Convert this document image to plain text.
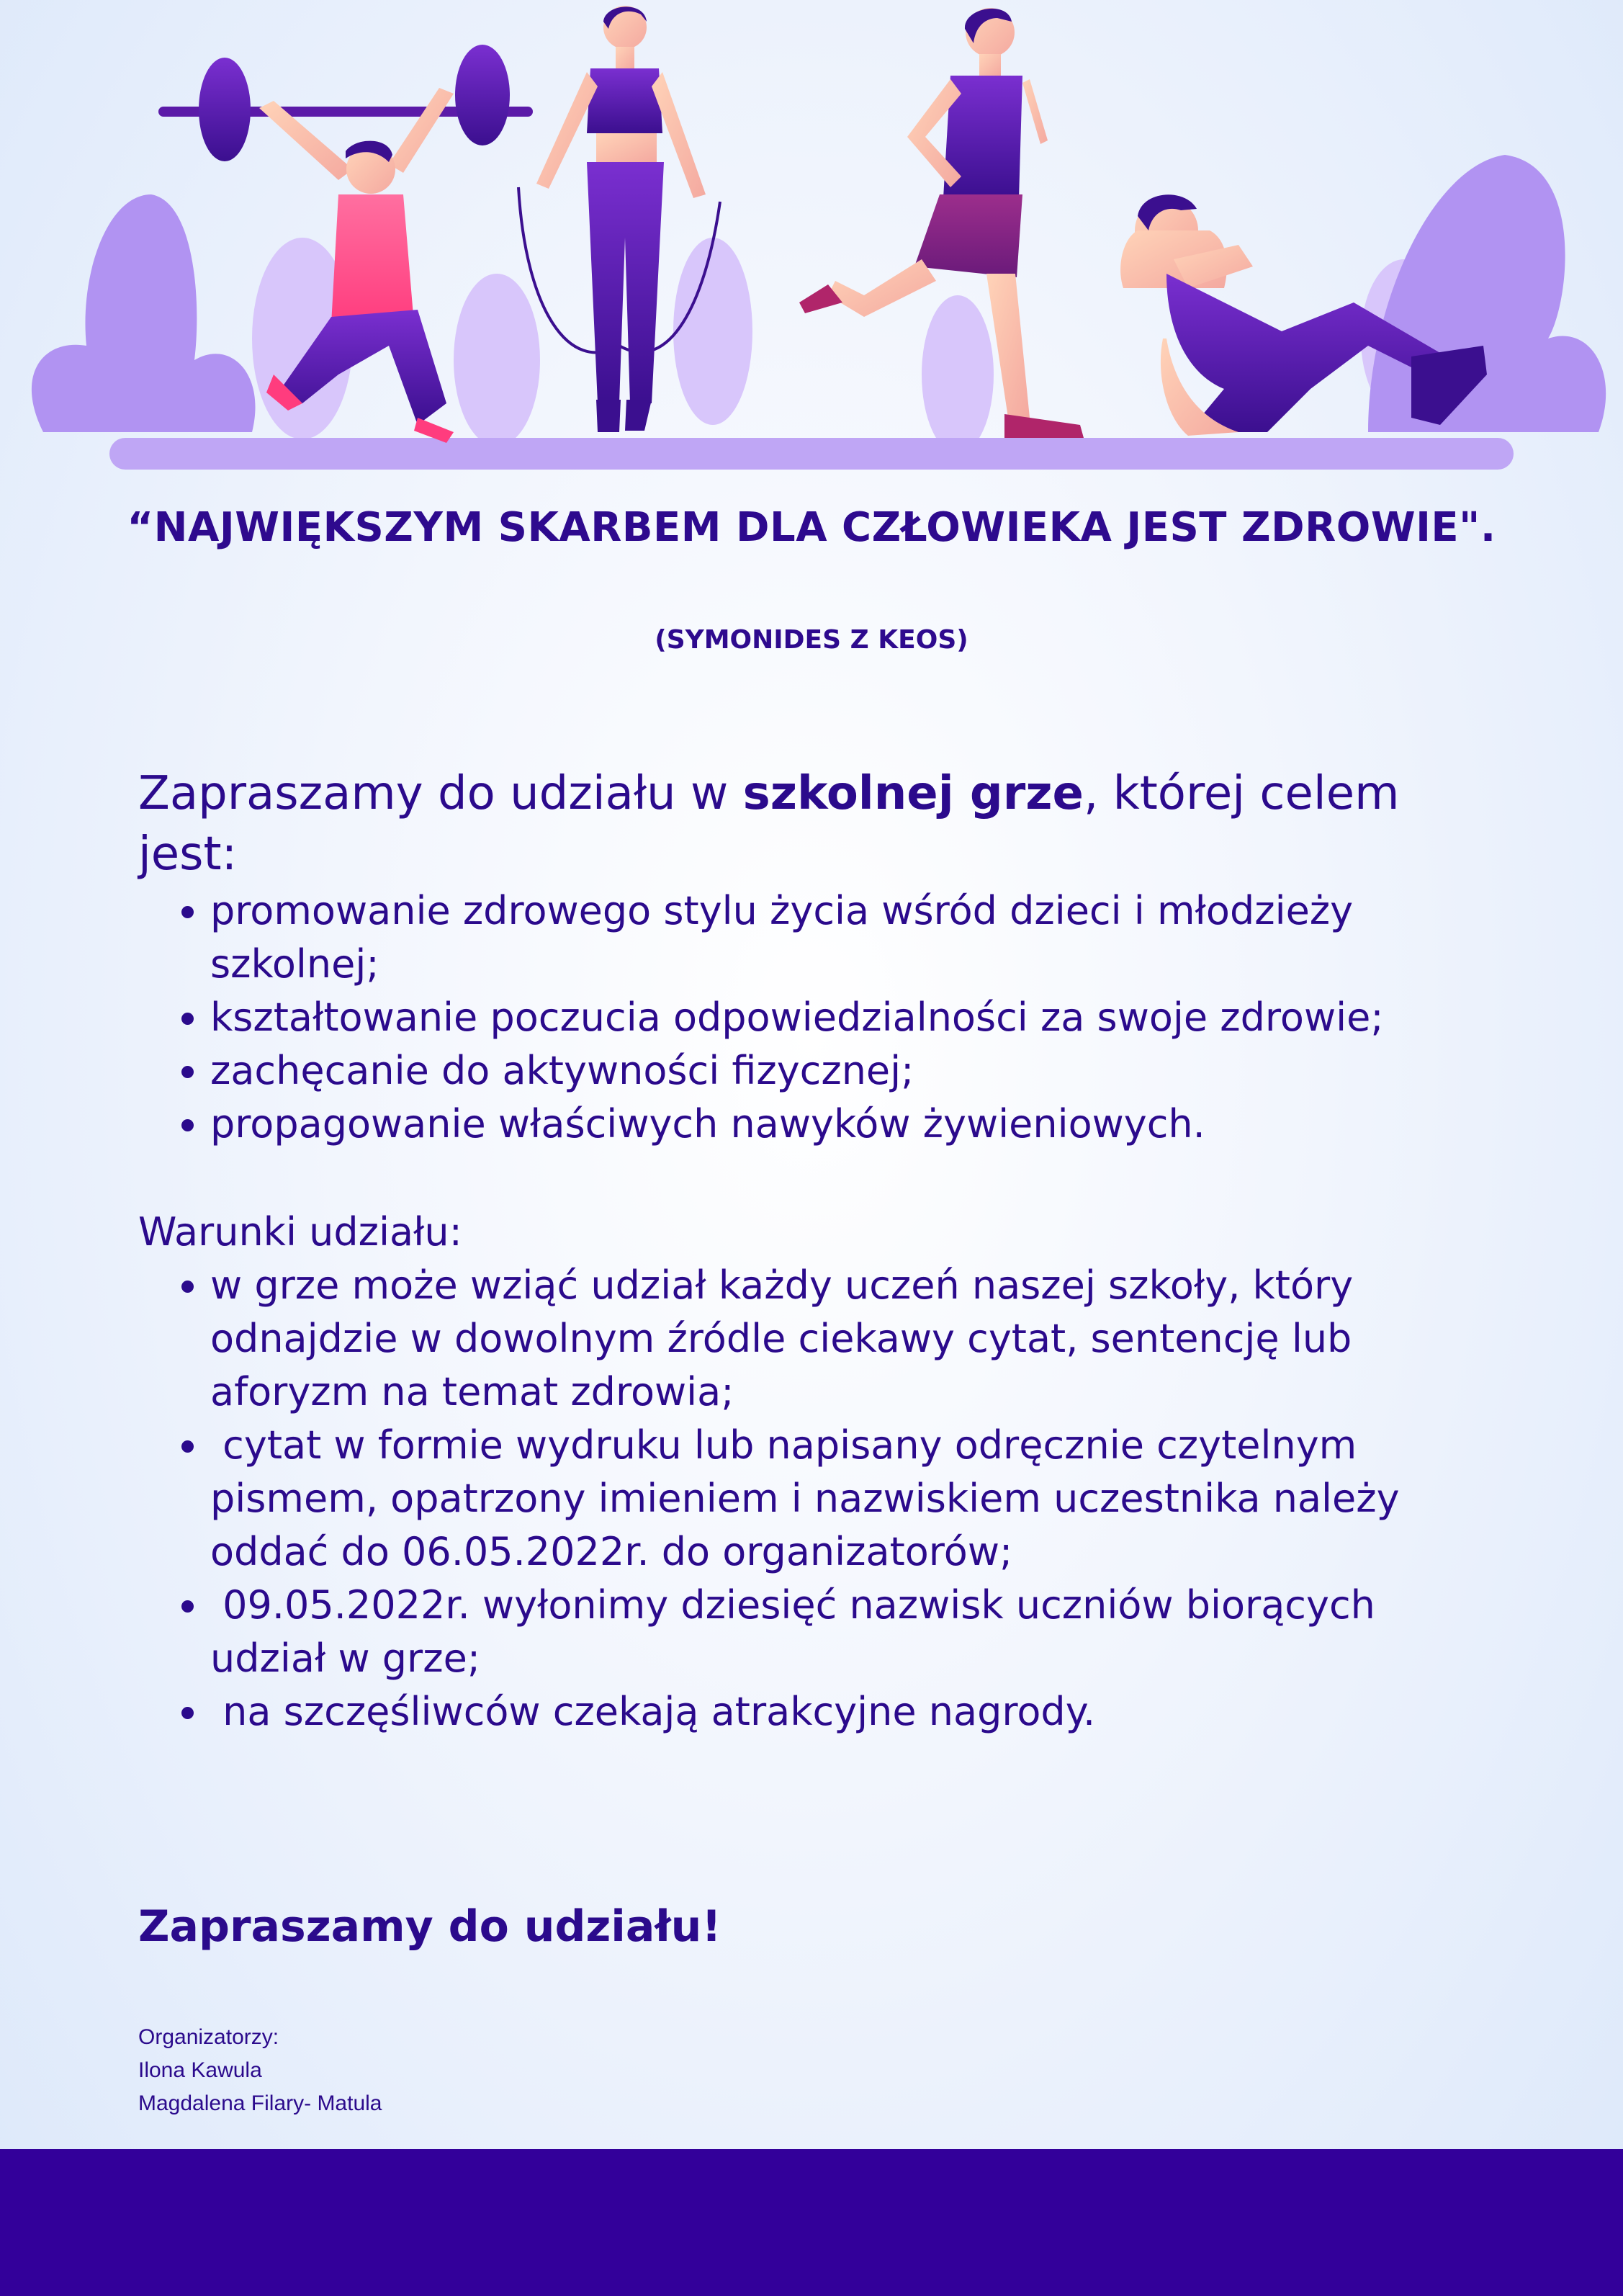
“NAJWIĘKSZYM SKARBEM DLA CZŁOWIEKA JEST ZDROWIE".

(SYMONIDES Z KEOS)

Zapraszamy do udziału w szkolnej grze, której celem jest:

• promowanie zdrowego stylu życia wśród dzieci i młodzieży szkolnej;
• kształtowanie poczucia odpowiedzialności za swoje zdrowie;
• zachęcanie do aktywności fizycznej;
• propagowanie właściwych nawyków żywieniowych.

Warunki udziału:

• w grze może wziąć udział każdy uczeń naszej szkoły, który odnajdzie w dowolnym źródle ciekawy cytat, sentencję lub aforyzm na temat zdrowia;
•  cytat w formie wydruku lub napisany odręcznie czytelnym pismem, opatrzony imieniem i nazwiskiem uczestnika należy oddać do 06.05.2022r. do organizatorów;
•  09.05.2022r. wyłonimy dziesięć nazwisk uczniów biorących udział w grze;
•  na szczęśliwców czekają atrakcyjne nagrody.
Zapraszamy do udziału!
Organizatorzy:
Ilona Kawula
Magdalena Filary- Matula
